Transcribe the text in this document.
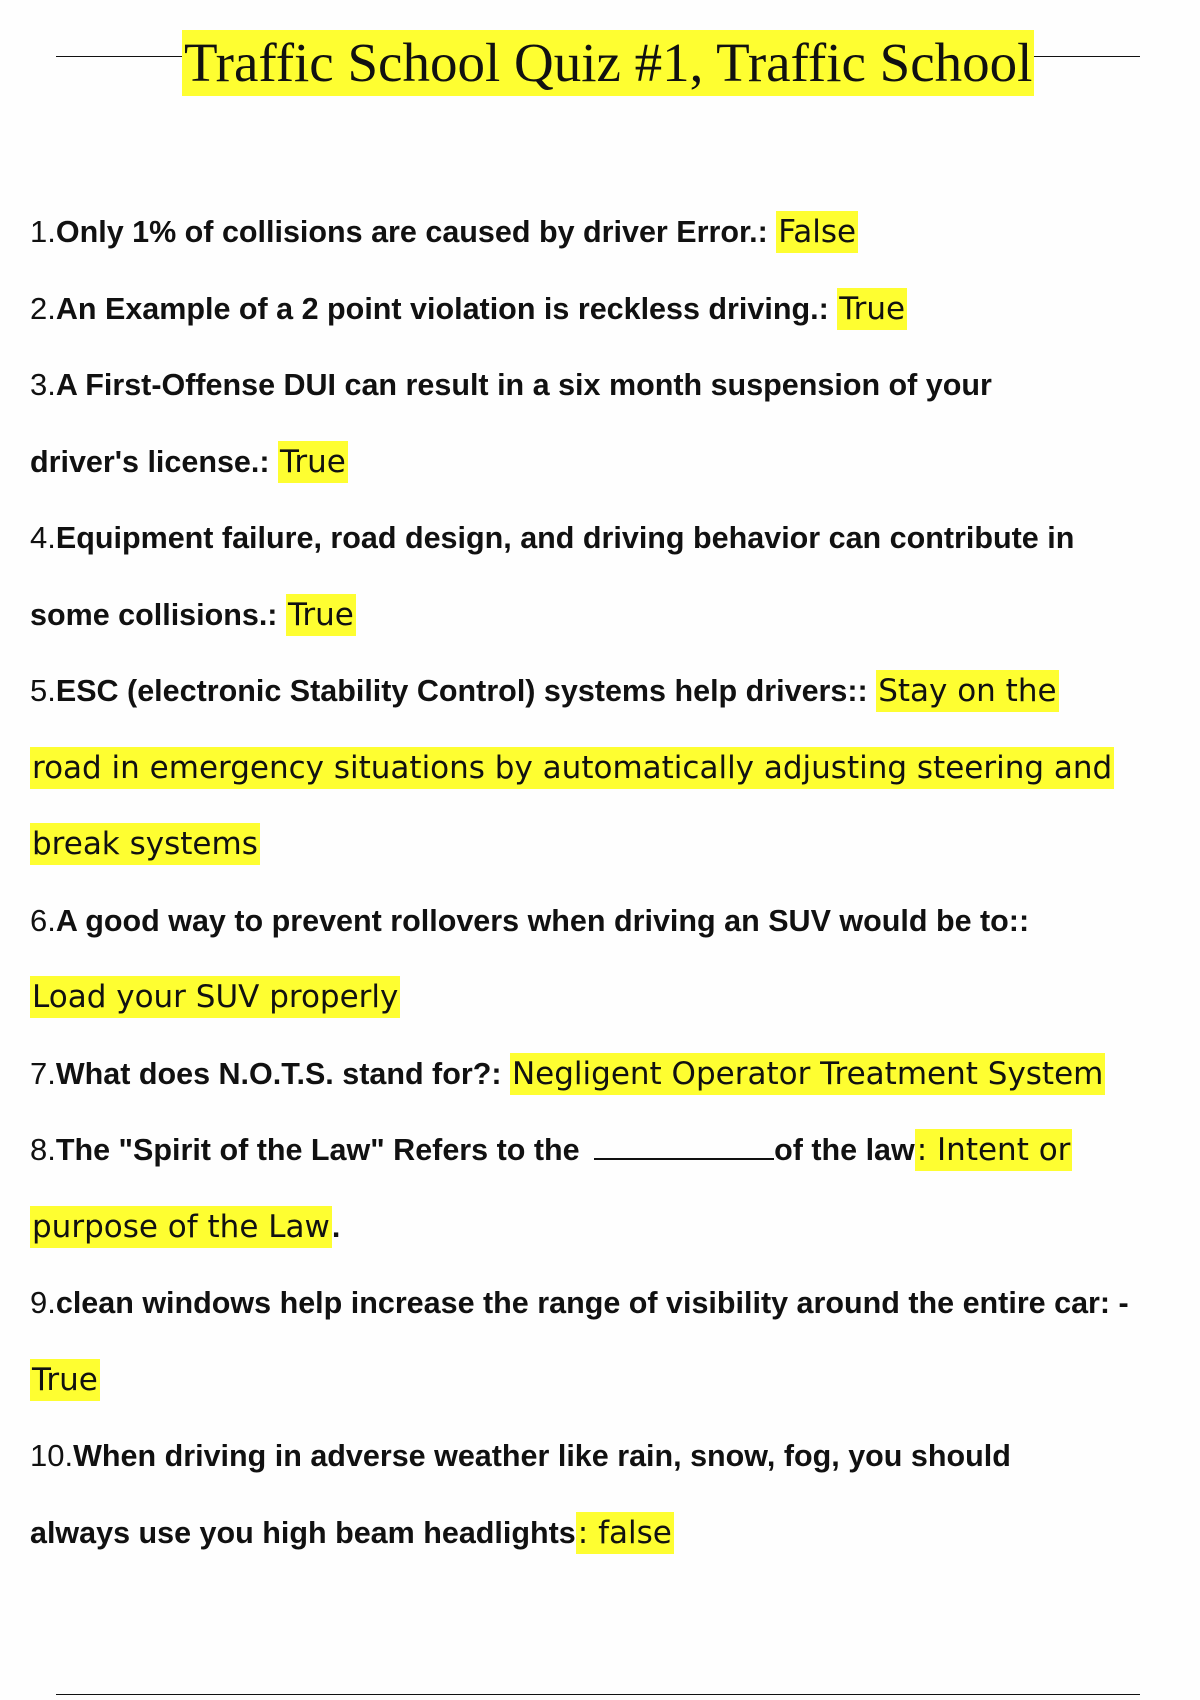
Traffic School Quiz #1, Traffic School
1.Only 1% of collisions are caused by driver Error.: False
2.An Example of a 2 point violation is reckless driving.: True
3.A First-Offense DUI can result in a six month suspension of your
driver's license.: True
4.Equipment failure, road design, and driving behavior can contribute in
some collisions.: True
5.ESC (electronic Stability Control) systems help drivers:: Stay on the
road in emergency situations by automatically adjusting steering and
break systems
6.A good way to prevent rollovers when driving an SUV would be to::
Load your SUV properly
7.What does N.O.T.S. stand for?: Negligent Operator Treatment System
8.The "Spirit of the Law" Refers to the	of the law: Intent or
purpose of the Law.
9.clean windows help increase the range of visibility around the entire car: -
True
10.When driving in adverse weather like rain, snow, fog, you should
always use you high beam headlights: false
